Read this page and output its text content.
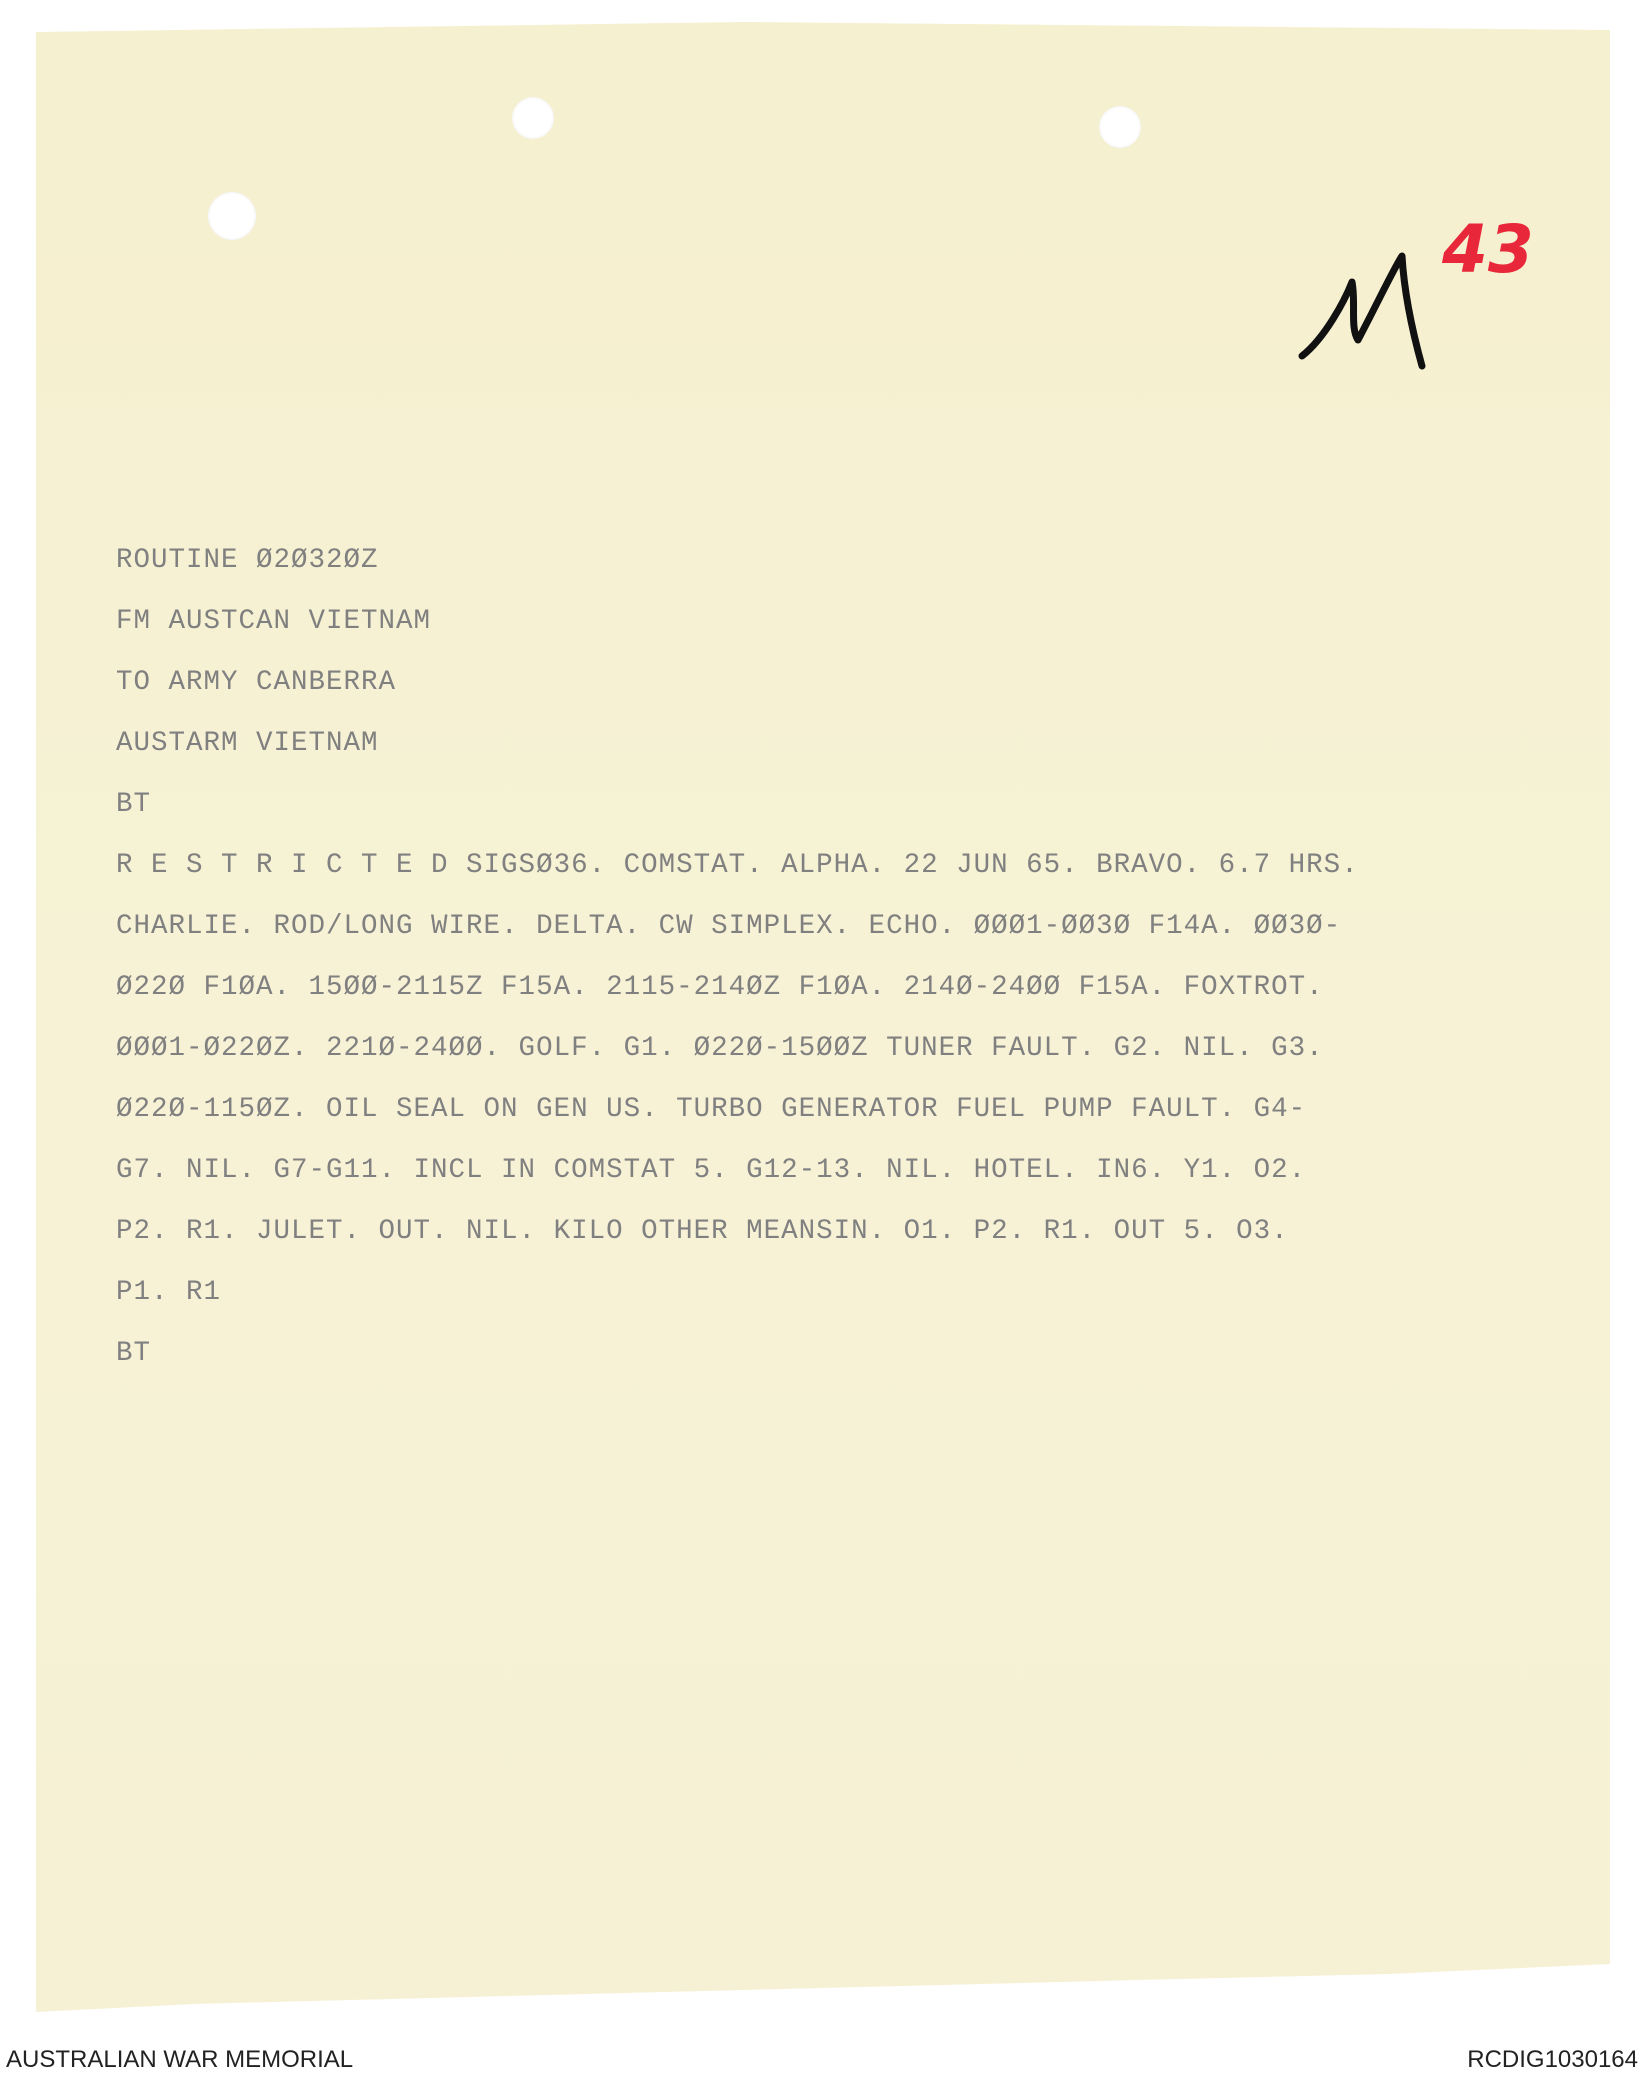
43
ROUTINE Ø2Ø32ØZ
FM AUSTCAN VIETNAM
TO ARMY CANBERRA
AUSTARM VIETNAM
BT
R E S T R I C T E D SIGSØ36. COMSTAT. ALPHA. 22 JUN 65. BRAVO. 6.7 HRS.
CHARLIE. ROD/LONG WIRE. DELTA. CW SIMPLEX. ECHO. ØØØ1-ØØ3Ø F14A. ØØ3Ø-
Ø22Ø F1ØA. 15ØØ-2115Z F15A. 2115-214ØZ F1ØA. 214Ø-24ØØ F15A. FOXTROT.
ØØØ1-Ø22ØZ. 221Ø-24ØØ. GOLF. G1. Ø22Ø-15ØØZ TUNER FAULT. G2. NIL. G3.
Ø22Ø-115ØZ. OIL SEAL ON GEN US. TURBO GENERATOR FUEL PUMP FAULT. G4-
G7. NIL. G7-G11. INCL IN COMSTAT 5. G12-13. NIL. HOTEL. IN6. Y1. O2.
P2. R1. JULET. OUT. NIL. KILO OTHER MEANSIN. O1. P2. R1. OUT 5. O3.
P1. R1
BT
AUSTRALIAN WAR MEMORIAL	RCDIG1030164
